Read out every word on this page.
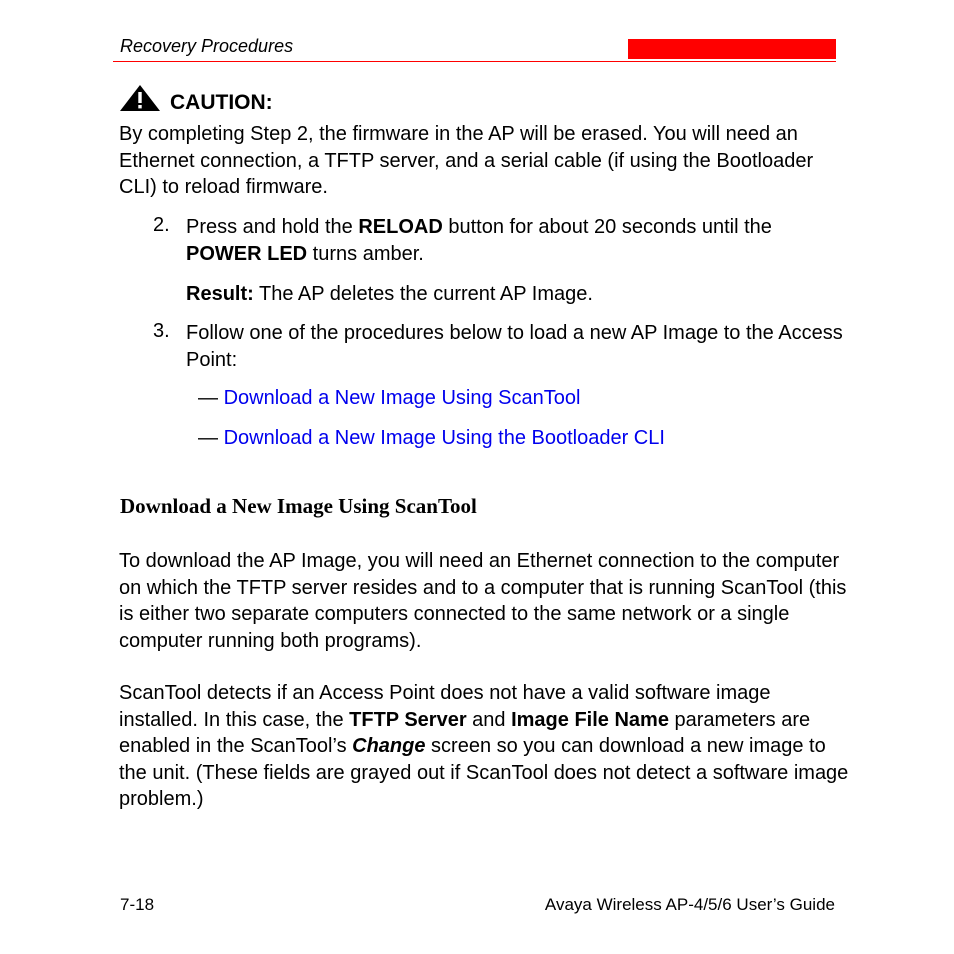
Recovery Procedures
CAUTION:
By completing Step 2, the firmware in the AP will be erased. You will need an Ethernet connection, a TFTP server, and a serial cable (if using the Bootloader CLI) to reload firmware.
2. Press and hold the RELOAD button for about 20 seconds until the POWER LED turns amber.
Result: The AP deletes the current AP Image.
3. Follow one of the procedures below to load a new AP Image to the Access Point:
— Download a New Image Using ScanTool
— Download a New Image Using the Bootloader CLI
Download a New Image Using ScanTool
To download the AP Image, you will need an Ethernet connection to the computer on which the TFTP server resides and to a computer that is running ScanTool (this is either two separate computers connected to the same network or a single computer running both programs).
ScanTool detects if an Access Point does not have a valid software image installed. In this case, the TFTP Server and Image File Name parameters are enabled in the ScanTool’s Change screen so you can download a new image to the unit. (These fields are grayed out if ScanTool does not detect a software image problem.)
7-18	Avaya Wireless AP-4/5/6 User’s Guide
